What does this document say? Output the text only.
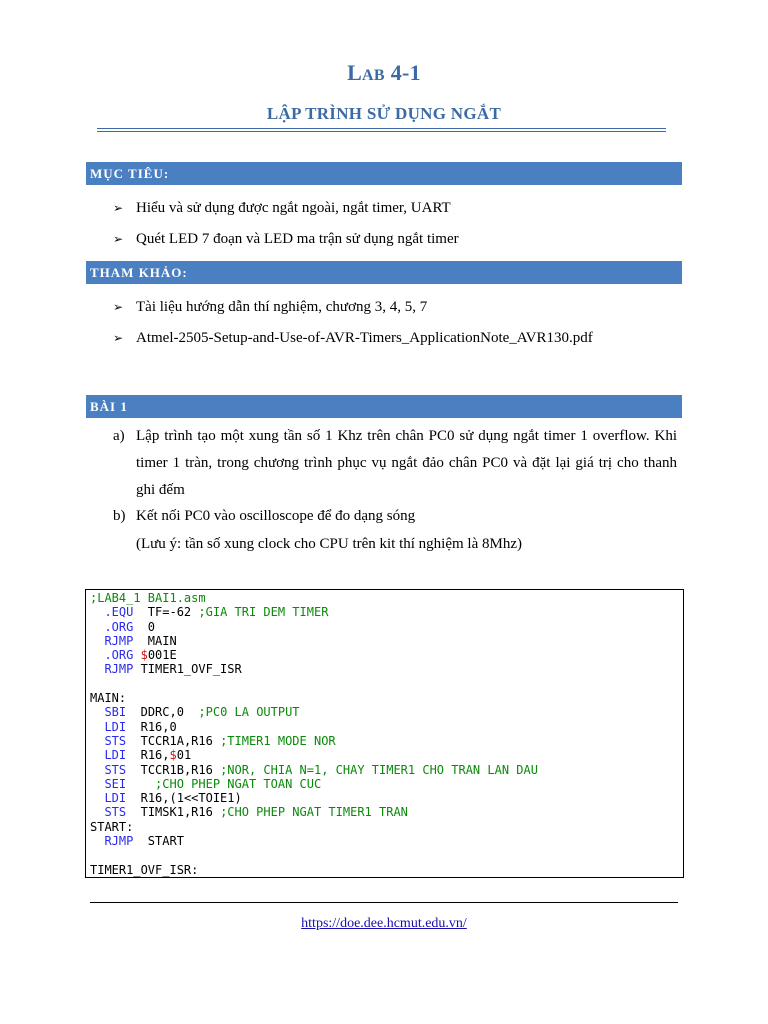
LAB 4-1
LẬP TRÌNH SỬ DỤNG NGẮT
MỤC TIÊU:
➢ Hiểu và sử dụng được ngắt ngoài, ngắt timer, UART
➢ Quét LED 7 đoạn và LED ma trận sử dụng ngắt timer
THAM KHẢO:
➢ Tài liệu hướng dẫn thí nghiệm, chương 3, 4, 5, 7
➢ Atmel-2505-Setup-and-Use-of-AVR-Timers_ApplicationNote_AVR130.pdf
BÀI 1
a) Lập trình tạo một xung tần số 1 Khz trên chân PC0 sử dụng ngắt timer 1 overflow. Khi timer 1 tràn, trong chương trình phục vụ ngắt đảo chân PC0 và đặt lại giá trị cho thanh ghi đếm
b) Kết nối PC0 vào oscilloscope để đo dạng sóng
(Lưu ý: tần số xung clock cho CPU trên kit thí nghiệm là 8Mhz)
;LAB4_1 BAI1.asm
.EQU  TF=-62 ;GIA TRI DEM TIMER
.ORG  0
RJMP  MAIN
.ORG $001E
RJMP TIMER1_OVF_ISR

MAIN:
SBI  DDRC,0  ;PC0 LA OUTPUT
LDI  R16,0
STS  TCCR1A,R16 ;TIMER1 MODE NOR
LDI  R16,$01
STS  TCCR1B,R16 ;NOR, CHIA N=1, CHAY TIMER1 CHO TRAN LAN DAU
SEI ;CHO PHEP NGAT TOAN CUC
LDI  R16,(1<<TOIE1)
STS  TIMSK1,R16 ;CHO PHEP NGAT TIMER1 TRAN
START:
RJMP  START

TIMER1_OVF_ISR:
https://doe.dee.hcmut.edu.vn/
